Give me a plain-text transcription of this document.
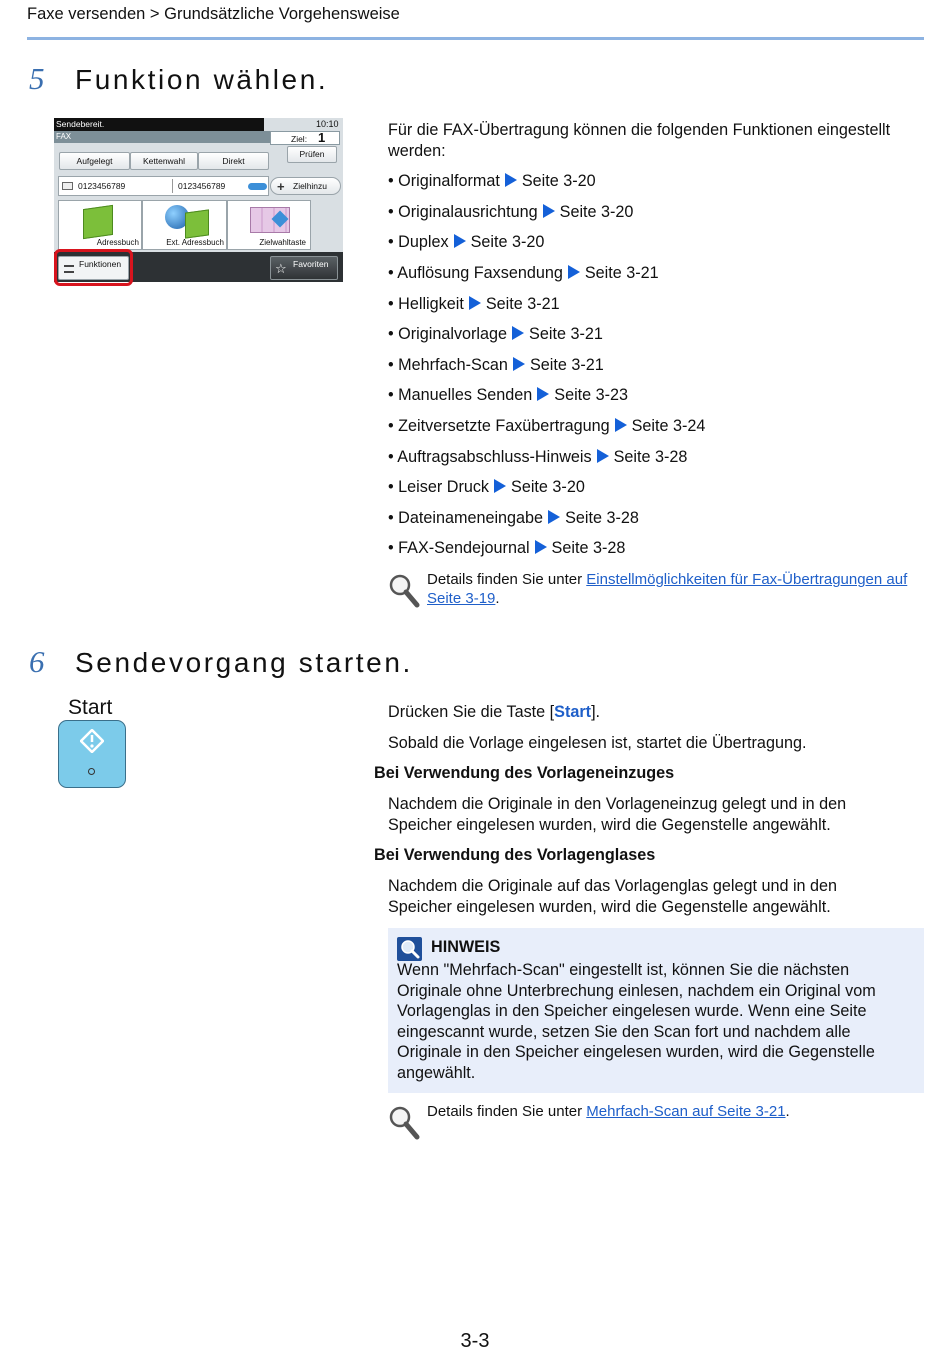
Faxe versenden > Grundsätzliche Vorgehensweise
5 Funktion wählen.
Sendebereit.	10:10
FAX	Ziel: 1
Prüfen
Aufgelegt	Kettenwahl	Direkt
0123456789	0123456789	+ Zielhinzu
Adressbuch	Ext. Adressbuch	Zielwahltaste
Funktionen	☆ Favoriten
Für die FAX-Übertragung können die folgenden Funktionen eingestellt werden:
• Originalformat Seite 3-20
• Originalausrichtung Seite 3-20
• Duplex Seite 3-20
• Auflösung Faxsendung Seite 3-21
• Helligkeit Seite 3-21
• Originalvorlage Seite 3-21
• Mehrfach-Scan Seite 3-21
• Manuelles Senden Seite 3-23
• Zeitversetzte Faxübertragung Seite 3-24
• Auftragsabschluss-Hinweis Seite 3-28
• Leiser Druck Seite 3-20
• Dateinameneingabe Seite 3-28
• FAX-Sendejournal Seite 3-28
Details finden Sie unter Einstellmöglichkeiten für Fax-Übertragungen auf Seite 3-19.
6 Sendevorgang starten.
Start	Drücken Sie die Taste [Start].
Sobald die Vorlage eingelesen ist, startet die Übertragung.
Bei Verwendung des Vorlageneinzuges
Nachdem die Originale in den Vorlageneinzug gelegt und in den Speicher eingelesen wurden, wird die Gegenstelle angewählt.
Bei Verwendung des Vorlagenglases
Nachdem die Originale auf das Vorlagenglas gelegt und in den Speicher eingelesen wurden, wird die Gegenstelle angewählt.
HINWEIS
Wenn "Mehrfach-Scan" eingestellt ist, können Sie die nächsten Originale ohne Unterbrechung einlesen, nachdem ein Original vom Vorlagenglas in den Speicher eingelesen wurde. Wenn eine Seite eingescannt wurde, setzen Sie den Scan fort und nachdem alle Originale in den Speicher eingelesen wurden, wird die Gegenstelle angewählt.
Details finden Sie unter Mehrfach-Scan auf Seite 3-21.
3-3
